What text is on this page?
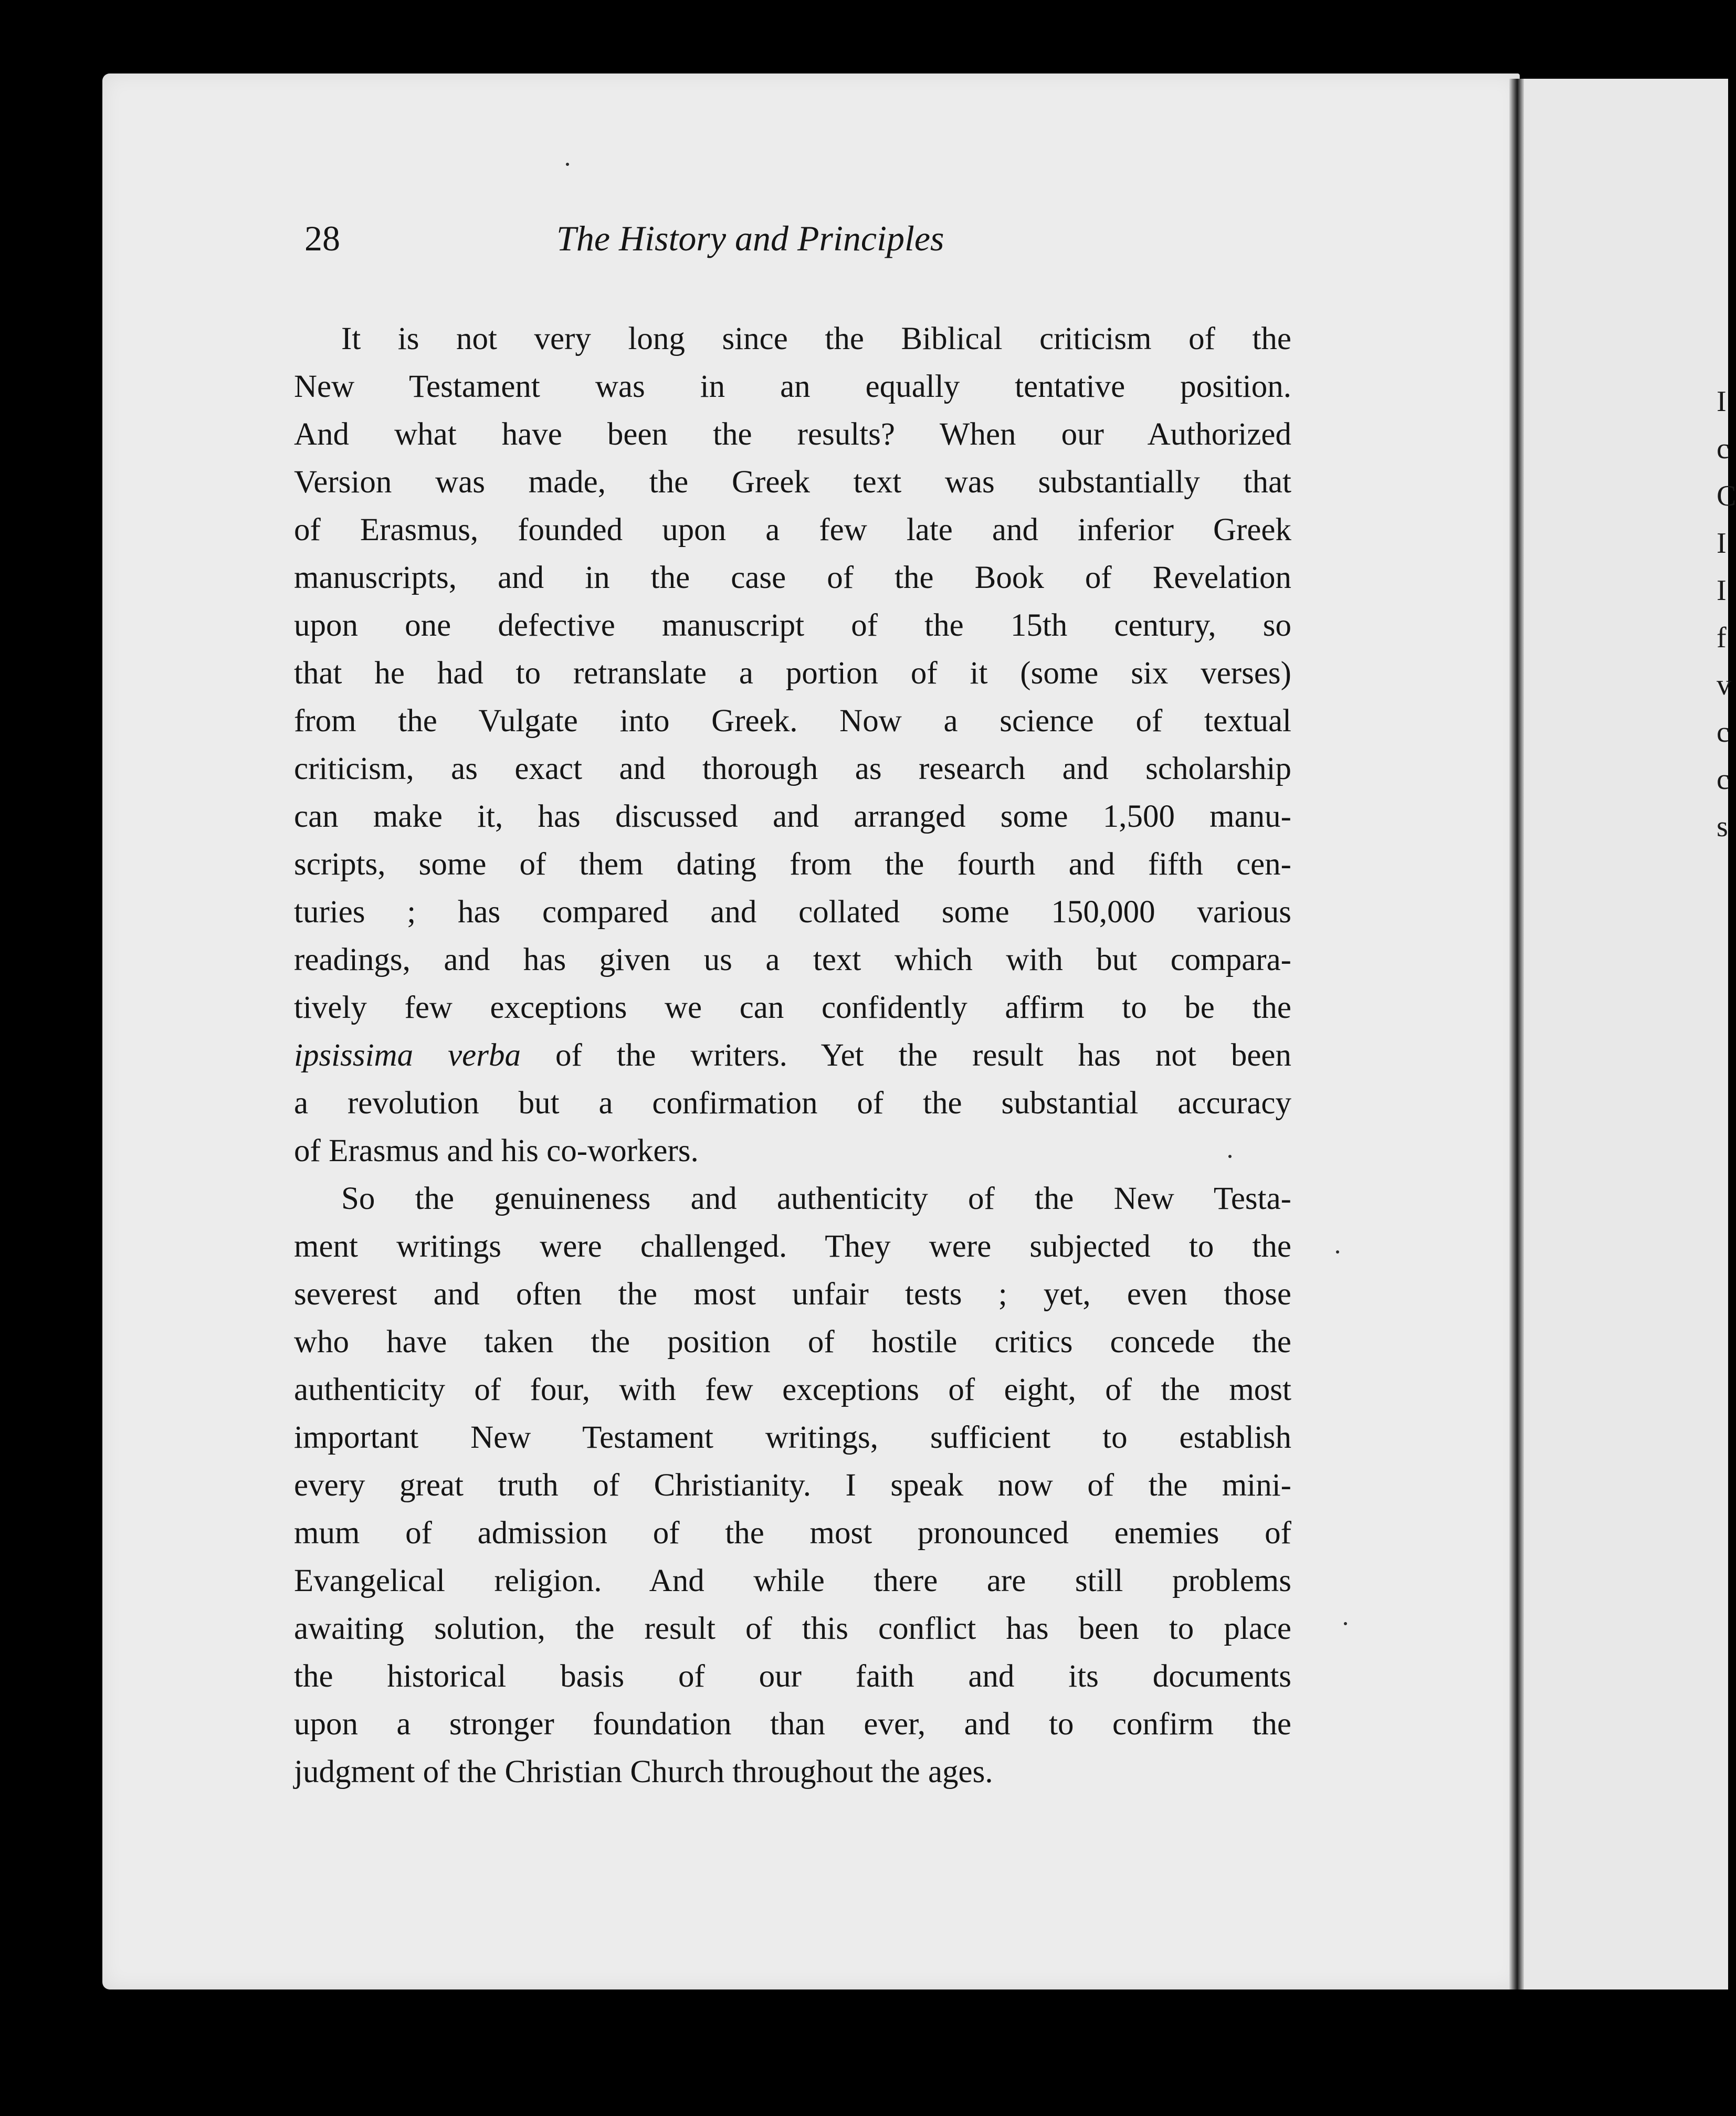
I
c
C
I
I
f
v
c
c
s
28	The History and Principles
It is not very long since the Biblical criticism of the
New Testament was in an equally tentative position.
And what have been the results? When our Authorized
Version was made, the Greek text was substantially that
of Erasmus, founded upon a few late and inferior Greek
manuscripts, and in the case of the Book of Revelation
upon one defective manuscript of the 15th century, so
that he had to retranslate a portion of it (some six verses)
from the Vulgate into Greek. Now a science of textual
criticism, as exact and thorough as research and scholarship
can make it, has discussed and arranged some 1,500 manu-
scripts, some of them dating from the fourth and fifth cen-
turies ; has compared and collated some 150,000 various
readings, and has given us a text which with but compara-
tively few exceptions we can confidently affirm to be the
ipsissima verba of the writers. Yet the result has not been
a revolution but a confirmation of the substantial accuracy
of Erasmus and his co-workers.
So the genuineness and authenticity of the New Testa-
ment writings were challenged. They were subjected to the
severest and often the most unfair tests ; yet, even those
who have taken the position of hostile critics concede the
authenticity of four, with few exceptions of eight, of the most
important New Testament writings, sufficient to establish
every great truth of Christianity. I speak now of the mini-
mum of admission of the most pronounced enemies of
Evangelical religion. And while there are still problems
awaiting solution, the result of this conflict has been to place
the historical basis of our faith and its documents
upon a stronger foundation than ever, and to confirm the
judgment of the Christian Church throughout the ages.
